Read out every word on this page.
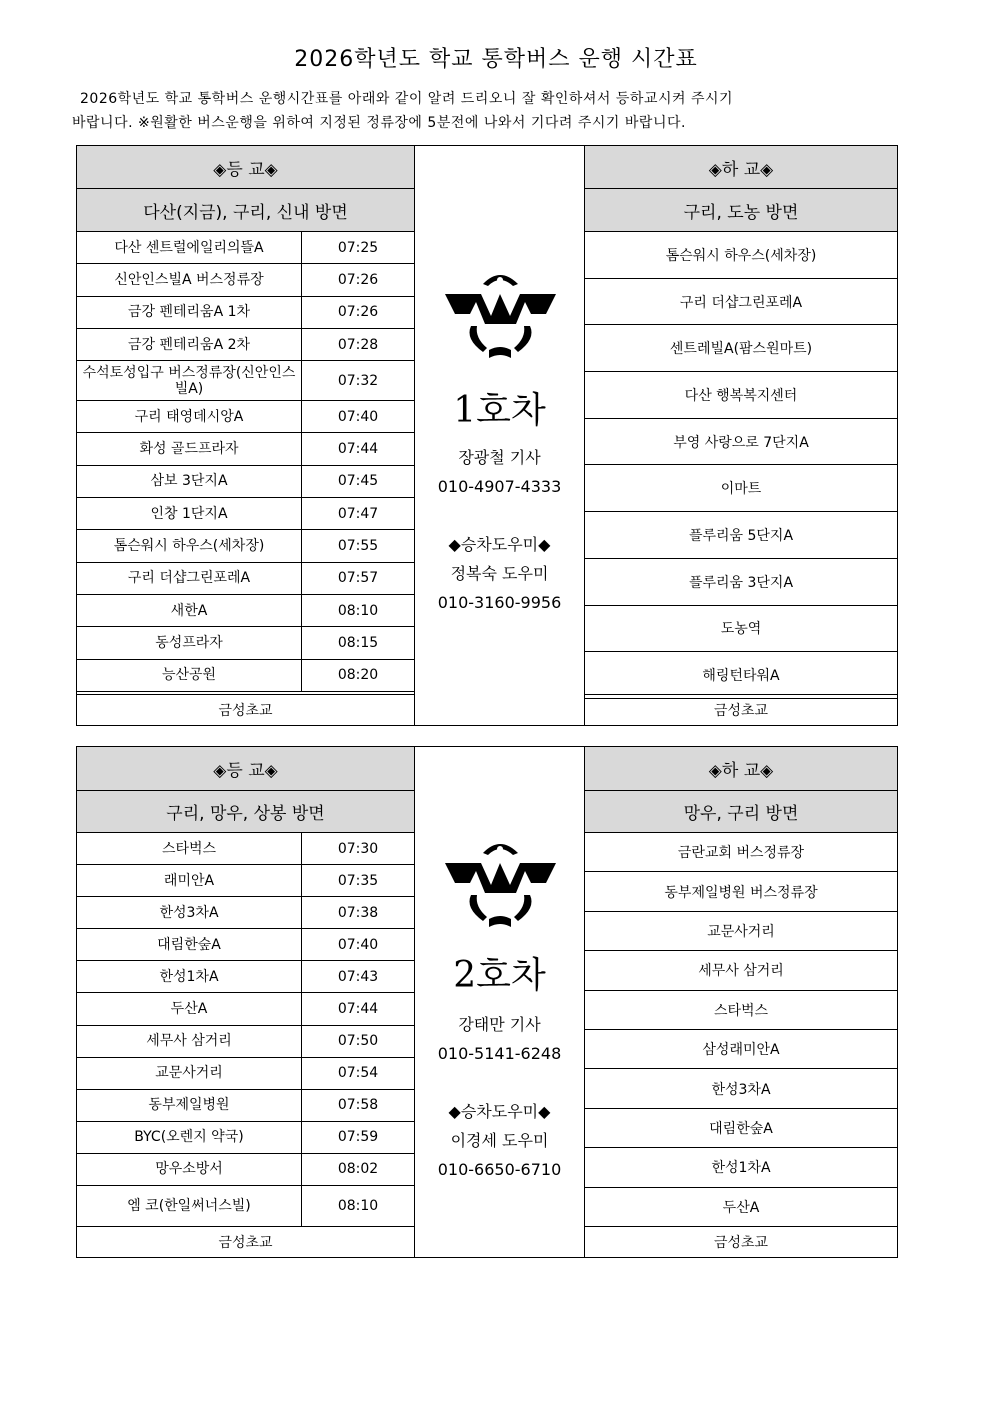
2026학년도 학교 통학버스 운행 시간표
2026학년도 학교 통학버스 운행시간표를 아래와 같이 알려 드리오니 잘 확인하셔서 등하교시켜 주시기
바랍니다. ※원활한 버스운행을 위하여 지정된 정류장에 5분전에 나와서 기다려 주시기 바랍니다.
◈등 교◈
다산(지금), 구리, 신내 방면
다산 센트럴에일리의뜰A	07:25
신안인스빌A 버스정류장	07:26
금강 펜테리움A 1차	07:26
금강 펜테리움A 2차	07:28
수석토성입구 버스정류장(신안인스빌A)	07:32
구리 태영데시앙A	07:40
화성 골드프라자	07:44
삼보 3단지A	07:45
인창 1단지A	07:47
톰슨워시 하우스(세차장)	07:55
구리 더샵그린포레A	07:57
새한A	08:10
동성프라자	08:15
능산공원	08:20
금성초교
1호차
장광철 기사
010-4907-4333
◆승차도우미◆
정복숙 도우미
010-3160-9956
◈하 교◈
구리, 도농 방면
톰슨워시 하우스(세차장)
구리 더샵그린포레A
센트레빌A(팜스원마트)
다산 행복복지센터
부영 사랑으로 7단지A
이마트
플루리움 5단지A
플루리움 3단지A
도농역
해링턴타워A
금성초교
◈등 교◈
구리, 망우, 상봉 방면
스타벅스	07:30
래미안A	07:35
한성3차A	07:38
대림한숲A	07:40
한성1차A	07:43
두산A	07:44
세무사 삼거리	07:50
교문사거리	07:54
동부제일병원	07:58
BYC(오렌지 약국)	07:59
망우소방서	08:02
엠 코(한일써너스빌)	08:10
금성초교
2호차
강태만 기사
010-5141-6248
◆승차도우미◆
이경세 도우미
010-6650-6710
◈하 교◈
망우, 구리 방면
금란교회 버스정류장
동부제일병원 버스정류장
교문사거리
세무사 삼거리
스타벅스
삼성래미안A
한성3차A
대림한숲A
한성1차A
두산A
금성초교
